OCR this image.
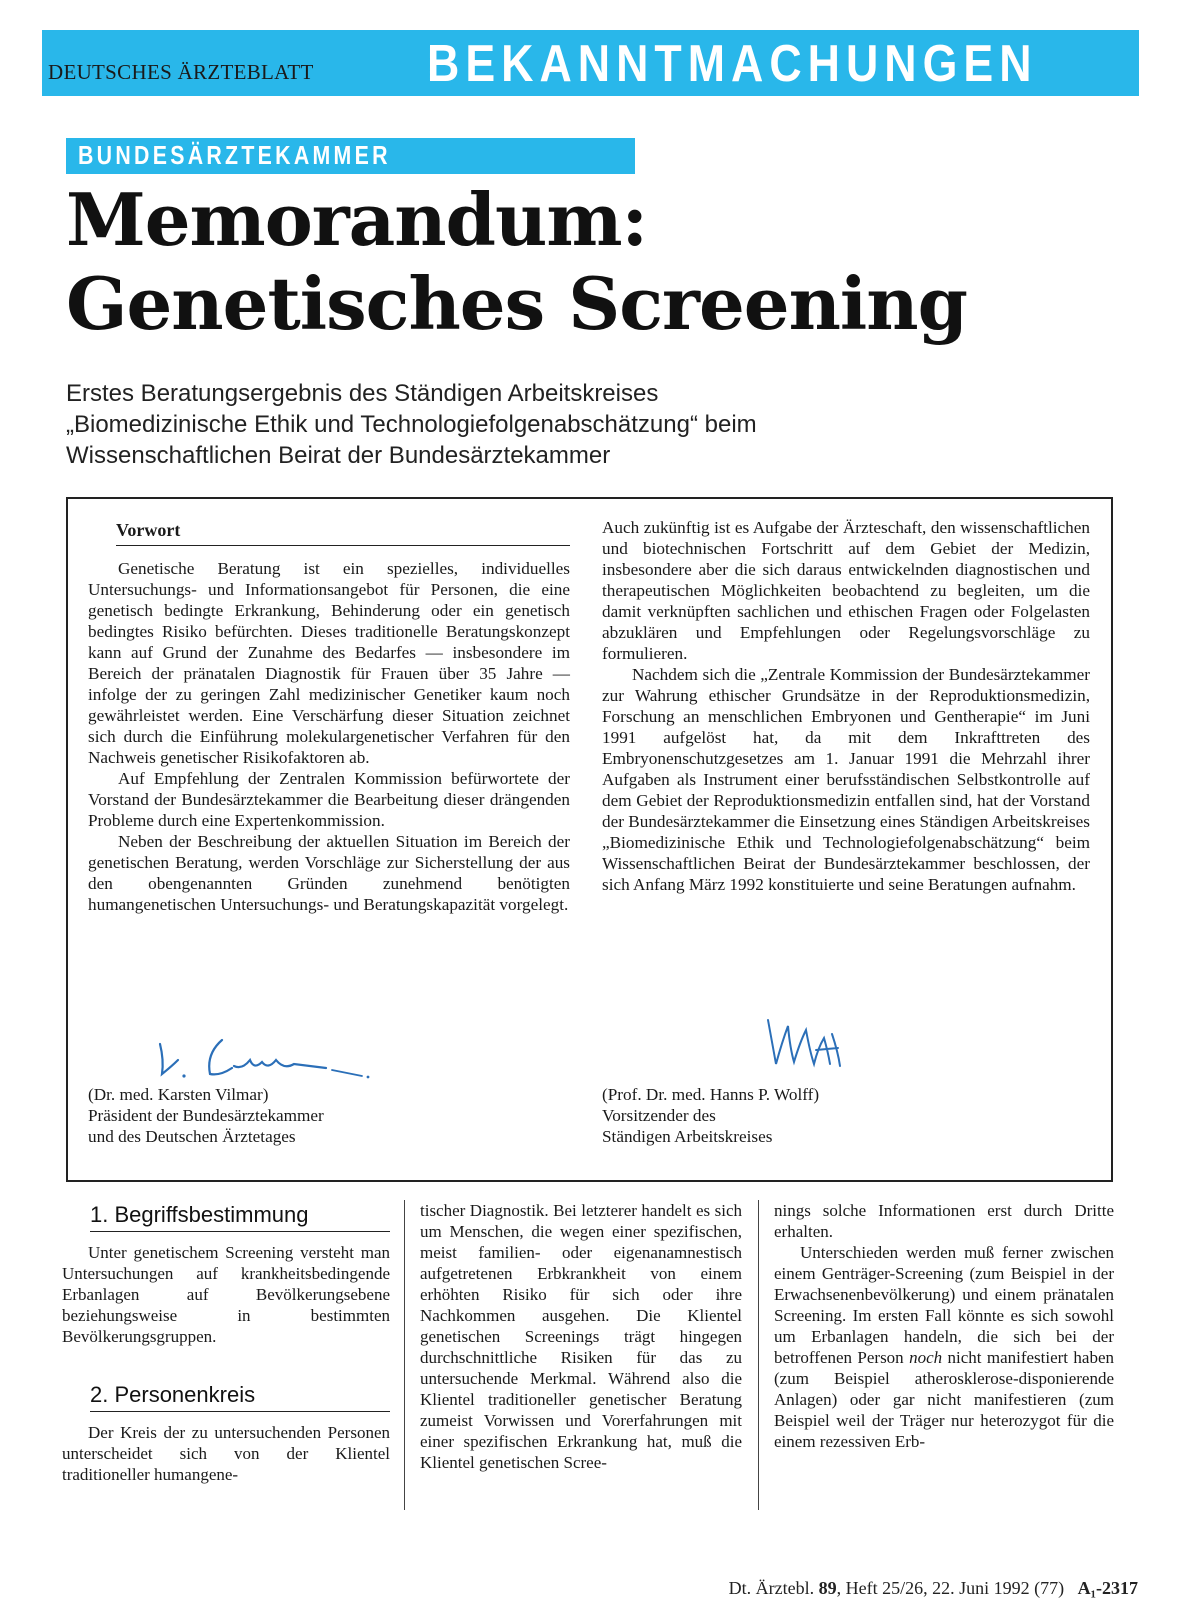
DEUTSCHES ÄRZTEBLATT BEKANNTMACHUNGEN
BUNDESÄRZTEKAMMER
Memorandum:
Genetisches Screening
Erstes Beratungsergebnis des Ständigen Arbeitskreises
„Biomedizinische Ethik und Technologiefolgenabschätzung“ beim
Wissenschaftlichen Beirat der Bundesärztekammer
Vorwort

Genetische Beratung ist ein spezielles, individuelles Untersuchungs- und Informationsangebot für Personen, die eine genetisch bedingte Erkrankung, Behinderung oder ein genetisch bedingtes Risiko befürchten. Dieses traditionelle Beratungskonzept kann auf Grund der Zunahme des Bedarfes — insbesondere im Bereich der pränatalen Diagnostik für Frauen über 35 Jahre — infolge der zu geringen Zahl medizinischer Genetiker kaum noch gewährleistet werden. Eine Verschärfung dieser Situation zeichnet sich durch die Einführung molekulargenetischer Verfahren für den Nachweis genetischer Risikofaktoren ab.

Auf Empfehlung der Zentralen Kommission befürwortete der Vorstand der Bundesärztekammer die Bearbeitung dieser drängenden Probleme durch eine Expertenkommission.

Neben der Beschreibung der aktuellen Situation im Bereich der genetischen Beratung, werden Vorschläge zur Sicherstellung der aus den obengenannten Gründen zunehmend benötigten humangenetischen Untersuchungs- und Beratungskapazität vorgelegt.

Auch zukünftig ist es Aufgabe der Ärzteschaft, den wissenschaftlichen und biotechnischen Fortschritt auf dem Gebiet der Medizin, insbesondere aber die sich daraus entwickelnden diagnostischen und therapeutischen Möglichkeiten beobachtend zu begleiten, um die damit verknüpften sachlichen und ethischen Fragen oder Folgelasten abzuklären und Empfehlungen oder Regelungsvorschläge zu formulieren.

Nachdem sich die „Zentrale Kommission der Bundesärztekammer zur Wahrung ethischer Grundsätze in der Reproduktionsmedizin, Forschung an menschlichen Embryonen und Gentherapie“ im Juni 1991 aufgelöst hat, da mit dem Inkrafttreten des Embryonenschutzgesetzes am 1. Januar 1991 die Mehrzahl ihrer Aufgaben als Instrument einer berufsständischen Selbstkontrolle auf dem Gebiet der Reproduktionsmedizin entfallen sind, hat der Vorstand der Bundesärztekammer die Einsetzung eines Ständigen Arbeitskreises „Biomedizinische Ethik und Technologiefolgenabschätzung“ beim Wissenschaftlichen Beirat der Bundesärztekammer beschlossen, der sich Anfang März 1992 konstituierte und seine Beratungen aufnahm.

(Dr. med. Karsten Vilmar)
Präsident der Bundesärztekammer
und des Deutschen Ärztetages
(Prof. Dr. med. Hanns P. Wolff)
Vorsitzender des
Ständigen Arbeitskreises
1. Begriffsbestimmung

Unter genetischem Screening versteht man Untersuchungen auf krankheitsbedingende Erbanlagen auf Bevölkerungsebene beziehungsweise in bestimmten Bevölkerungsgruppen.

2. Personenkreis

Der Kreis der zu untersuchenden Personen unterscheidet sich von der Klientel traditioneller humangene-

tischer Diagnostik. Bei letzterer handelt es sich um Menschen, die wegen einer spezifischen, meist familien- oder eigenanamnestisch aufgetretenen Erbkrankheit von einem erhöhten Risiko für sich oder ihre Nachkommen ausgehen. Die Klientel genetischen Screenings trägt hingegen durchschnittliche Risiken für das zu untersuchende Merkmal. Während also die Klientel traditioneller genetischer Beratung zumeist Vorwissen und Vorerfahrungen mit einer spezifischen Erkrankung hat, muß die Klientel genetischen Scree-

nings solche Informationen erst durch Dritte erhalten.

Unterschieden werden muß ferner zwischen einem Genträger-Screening (zum Beispiel in der Erwachsenenbevölkerung) und einem pränatalen Screening. Im ersten Fall könnte es sich sowohl um Erbanlagen handeln, die sich bei der betroffenen Person noch nicht manifestiert haben (zum Beispiel atherosklerose-disponierende Anlagen) oder gar nicht manifestieren (zum Beispiel weil der Träger nur heterozygot für die einem rezessiven Erb-

Dt. Ärztebl. 89, Heft 25/26, 22. Juni 1992 (77) A₁-2317
